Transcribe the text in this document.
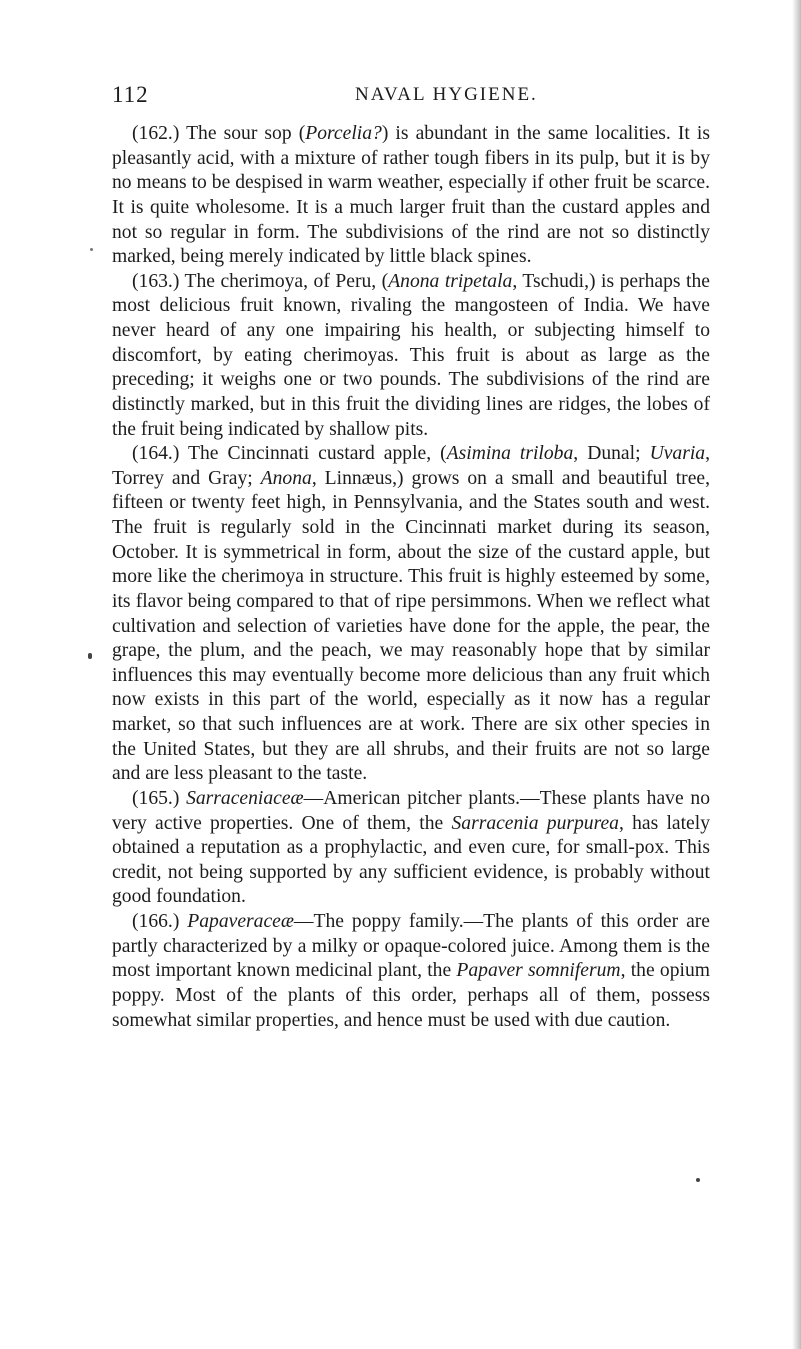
112	NAVAL HYGIENE.

(162.) The sour sop (Porcelia?) is abundant in the same localities. It is pleasantly acid, with a mixture of rather tough fibers in its pulp, but it is by no means to be despised in warm weather, especially if other fruit be scarce. It is quite wholesome. It is a much larger fruit than the custard apples and not so regular in form. The subdivisions of the rind are not so distinctly marked, being merely indicated by little black spines.

(163.) The cherimoya, of Peru, (Anona tripetala, Tschudi,) is perhaps the most delicious fruit known, rivaling the mangosteen of India. We have never heard of any one impairing his health, or subjecting himself to discomfort, by eating cherimoyas. This fruit is about as large as the preceding; it weighs one or two pounds. The subdivisions of the rind are distinctly marked, but in this fruit the dividing lines are ridges, the lobes of the fruit being indicated by shallow pits.

(164.) The Cincinnati custard apple, (Asimina triloba, Dunal; Uvaria, Torrey and Gray; Anona, Linnæus,) grows on a small and beautiful tree, fifteen or twenty feet high, in Pennsylvania, and the States south and west. The fruit is regularly sold in the Cincinnati market during its season, October. It is symmetrical in form, about the size of the custard apple, but more like the cherimoya in structure. This fruit is highly esteemed by some, its flavor being compared to that of ripe persimmons. When we reflect what cultivation and selection of varieties have done for the apple, the pear, the grape, the plum, and the peach, we may reasonably hope that by similar influences this may eventually become more delicious than any fruit which now exists in this part of the world, especially as it now has a regular market, so that such influences are at work. There are six other species in the United States, but they are all shrubs, and their fruits are not so large and are less pleasant to the taste.

(165.) Sarraceniaceæ—American pitcher plants.—These plants have no very active properties. One of them, the Sarracenia purpurea, has lately obtained a reputation as a prophylactic, and even cure, for small-pox. This credit, not being supported by any sufficient evidence, is probably without good foundation.

(166.) Papaveraceæ—The poppy family.—The plants of this order are partly characterized by a milky or opaque-colored juice. Among them is the most important known medicinal plant, the Papaver somniferum, the opium poppy. Most of the plants of this order, perhaps all of them, possess somewhat similar properties, and hence must be used with due caution.
